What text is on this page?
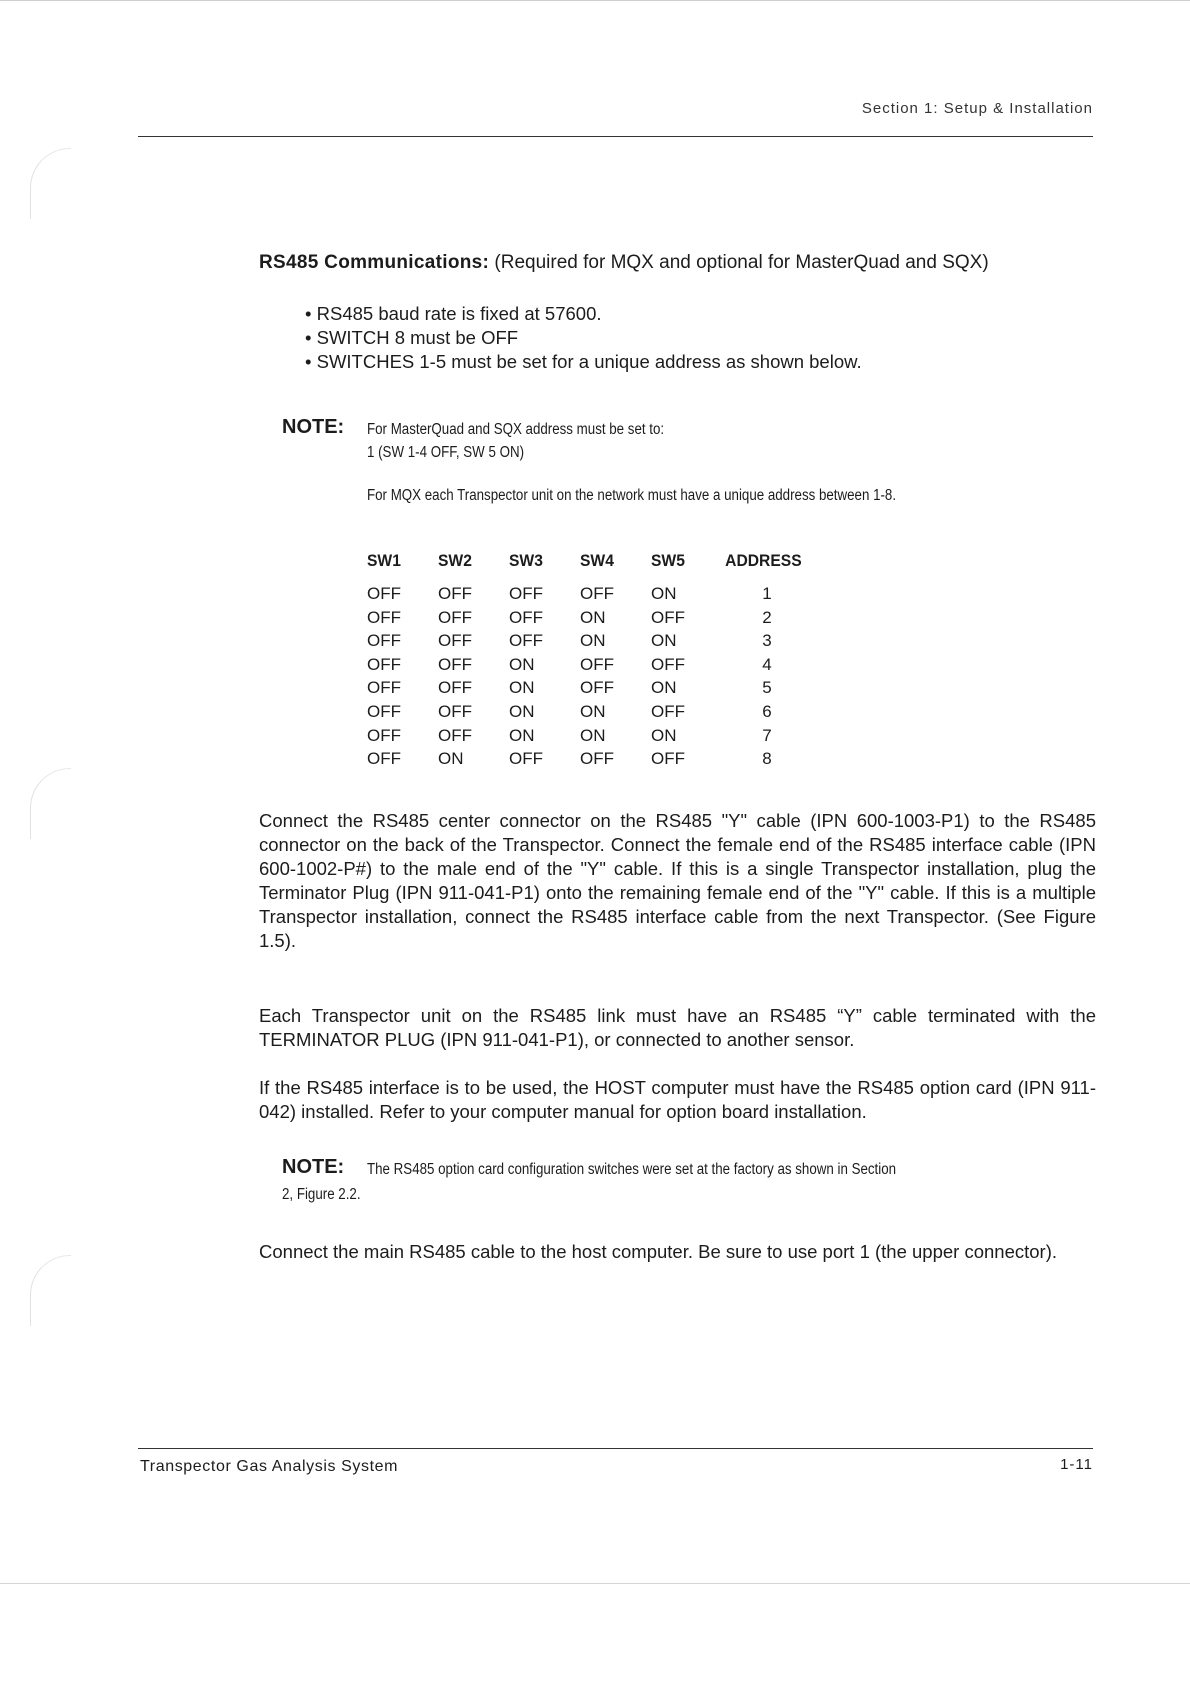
Section 1: Setup & Installation
RS485 Communications: (Required for MQX and optional for MasterQuad and SQX)
• RS485 baud rate is fixed at 57600.
• SWITCH 8 must be OFF
• SWITCHES 1-5 must be set for a unique address as shown below.
NOTE: For MasterQuad and SQX address must be set to:
1 (SW 1-4 OFF, SW 5 ON)
For MQX each Transpector unit on the network must have a unique address between 1-8.
SW1	SW2	SW3	SW4	SW5	ADDRESS
OFF	OFF	OFF	OFF	ON	1
OFF	OFF	OFF	ON	OFF	2
OFF	OFF	OFF	ON	ON	3
OFF	OFF	ON	OFF	OFF	4
OFF	OFF	ON	OFF	ON	5
OFF	OFF	ON	ON	OFF	6
OFF	OFF	ON	ON	ON	7
OFF	ON	OFF	OFF	OFF	8
Connect the RS485 center connector on the RS485 "Y" cable (IPN 600-1003-P1) to the RS485 connector on the back of the Transpector. Connect the female end of the RS485 interface cable (IPN 600-1002-P#) to the male end of the "Y" cable. If this is a single Transpector installation, plug the Terminator Plug (IPN 911-041-P1) onto the remaining female end of the "Y" cable. If this is a multiple Transpector installation, connect the RS485 interface cable from the next Transpector. (See Figure 1.5).
Each Transpector unit on the RS485 link must have an RS485 “Y” cable terminated with the TERMINATOR PLUG (IPN 911-041-P1), or connected to another sensor.
If the RS485 interface is to be used, the HOST computer must have the RS485 option card (IPN 911-042) installed. Refer to your computer manual for option board installation.
NOTE: The RS485 option card configuration switches were set at the factory as shown in Section
2, Figure 2.2.
Connect the main RS485 cable to the host computer. Be sure to use port 1 (the upper connector).
Transpector Gas Analysis System	1-11
